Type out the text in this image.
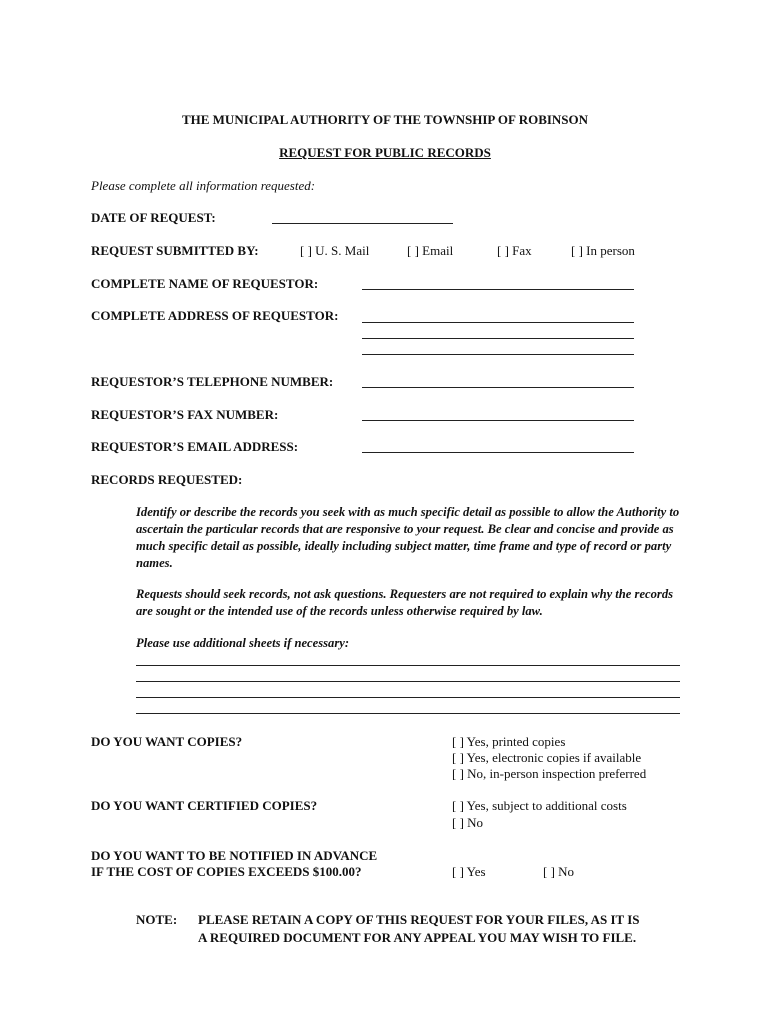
THE MUNICIPAL AUTHORITY OF THE TOWNSHIP OF ROBINSON
REQUEST FOR PUBLIC RECORDS
Please complete all information requested:
DATE OF REQUEST:
REQUEST SUBMITTED BY:	[ ] U. S. Mail	[ ] Email	[ ] Fax	[ ] In person
COMPLETE NAME OF REQUESTOR:
COMPLETE ADDRESS OF REQUESTOR:
REQUESTOR’S TELEPHONE NUMBER:
REQUESTOR’S FAX NUMBER:
REQUESTOR’S EMAIL ADDRESS:
RECORDS REQUESTED:
Identify or describe the records you seek with as much specific detail as possible to allow the Authority to ascertain the particular records that are responsive to your request. Be clear and concise and provide as much specific detail as possible, ideally including subject matter, time frame and type of record or party names.
Requests should seek records, not ask questions. Requesters are not required to explain why the records are sought or the intended use of the records unless otherwise required by law.
Please use additional sheets if necessary:
DO YOU WANT COPIES?	[ ] Yes, printed copies
[ ] Yes, electronic copies if available
[ ] No, in-person inspection preferred
DO YOU WANT CERTIFIED COPIES?	[ ] Yes, subject to additional costs
[ ] No
DO YOU WANT TO BE NOTIFIED IN ADVANCE
IF THE COST OF COPIES EXCEEDS $100.00?	[ ] Yes	[ ] No
NOTE: PLEASE RETAIN A COPY OF THIS REQUEST FOR YOUR FILES, AS IT IS
A REQUIRED DOCUMENT FOR ANY APPEAL YOU MAY WISH TO FILE.
